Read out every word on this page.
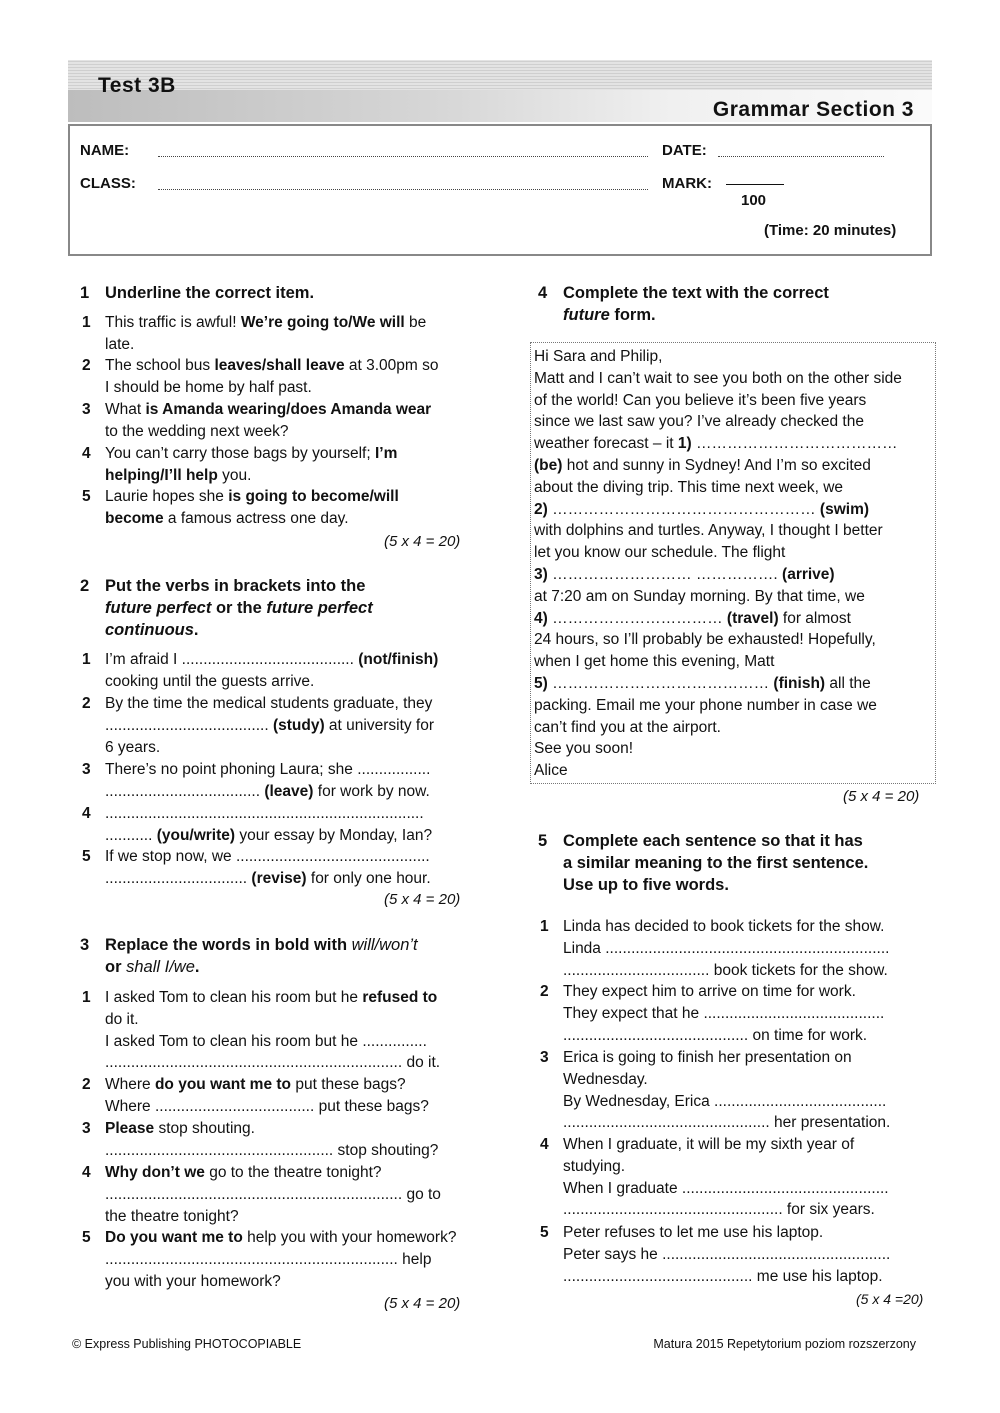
Test 3B
Grammar Section 3
NAME:
CLASS:
DATE:
MARK:
100
(Time: 20 minutes)
1 Underline the correct item.
1 This traffic is awful! We’re going to/We will be
late.
2 The school bus leaves/shall leave at 3.00pm so
I should be home by half past.
3 What is Amanda wearing/does Amanda wear
to the wedding next week?
4 You can’t carry those bags by yourself; I’m
helping/I’ll help you.
5 Laurie hopes she is going to become/will
become a famous actress one day.
(5 x 4 = 20)
2 Put the verbs in brackets into the
future perfect or the future perfect
continuous.
1 I’m afraid I ........................................ (not/finish)
cooking until the guests arrive.
2 By the time the medical students graduate, they
...................................... (study) at university for
6 years.
3 There’s no point phoning Laura; she .................
.................................... (leave) for work by now.
4 ..........................................................................
........... (you/write) your essay by Monday, Ian?
5 If we stop now, we .............................................
................................. (revise) for only one hour.
(5 x 4 = 20)
3 Replace the words in bold with will/won’t
or shall I/we.
1 I asked Tom to clean his room but he refused to
do it.
I asked Tom to clean his room but he ...............
..................................................................... do it.
2 Where do you want me to put these bags?
Where ..................................... put these bags?
3 Please stop shouting.
..................................................... stop shouting?
4 Why don’t we go to the theatre tonight?
..................................................................... go to
the theatre tonight?
5 Do you want me to help you with your homework?
.................................................................... help
you with your homework?
(5 x 4 = 20)
4 Complete the text with the correct
future form.
Hi Sara and Philip,
Matt and I can’t wait to see you both on the other side
of the world! Can you believe it’s been five years
since we last saw you? I’ve already checked the
weather forecast – it 1) …………………………………
(be) hot and sunny in Sydney! And I’m so excited
about the diving trip. This time next week, we
2) …………………………………………… (swim)
with dolphins and turtles. Anyway, I thought I better
let you know our schedule. The flight
3) ……………………… ……………. (arrive)
at 7:20 am on Sunday morning. By that time, we
4) …………………………… (travel) for almost
24 hours, so I’ll probably be exhausted! Hopefully,
when I get home this evening, Matt
5) …………………………………… (finish) all the
packing. Email me your phone number in case we
can’t find you at the airport.
See you soon!
Alice
(5 x 4 = 20)
5 Complete each sentence so that it has
a similar meaning to the first sentence.
Use up to five words.
1 Linda has decided to book tickets for the show.
Linda ..................................................................
.................................. book tickets for the show.
2 They expect him to arrive on time for work.
They expect that he ..........................................
........................................... on time for work.
3 Erica is going to finish her presentation on
Wednesday.
By Wednesday, Erica ........................................
................................................ her presentation.
4 When I graduate, it will be my sixth year of
studying.
When I graduate ................................................
................................................... for six years.
5 Peter refuses to let me use his laptop.
Peter says he .....................................................
............................................ me use his laptop.
(5 x 4 =20)
© Express Publishing PHOTOCOPIABLE	Matura 2015 Repetytorium poziom rozszerzony
